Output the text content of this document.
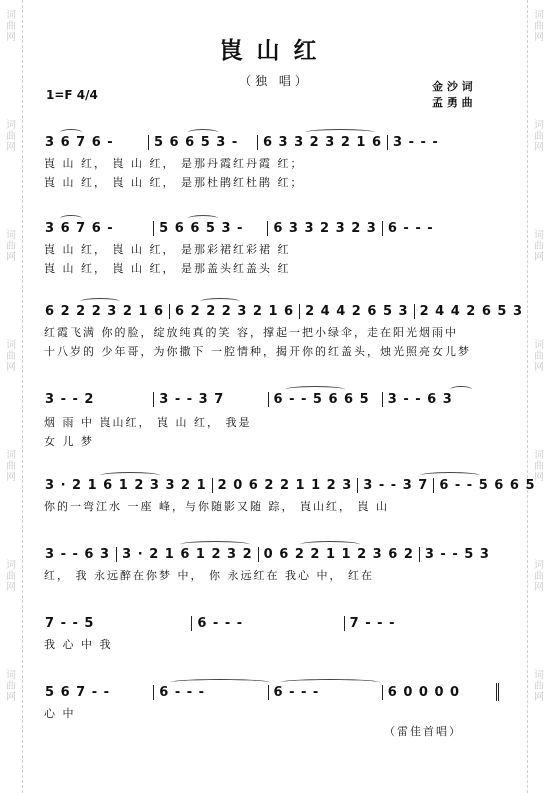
词曲网
词曲网
词曲网
词曲网
词曲网
词曲网
词曲网
词曲网
词曲网
词曲网
词曲网
词曲网
词曲网
词曲网
崀山红
（独 唱）	金 沙 词
孟 勇 曲
1=F 4/4
3 6 7 6 -	5 6 6 5 3 -	6 3 3 2 3 2 1 6 3 - - -
崀 山 红， 崀 山 红， 是那丹霞红丹霞 红；
崀 山 红， 崀 山 红， 是那杜鹃红杜鹃 红；
3 6 7 6 -	5 6 6 5 3 -	6 3 3 2 3 2 3 6 - - -
崀 山 红， 崀 山 红， 是那彩裙红彩裙 红
崀 山 红， 崀 山 红， 是那盖头红盖头 红
6 2 2 2 3 2 1 6 6 2 2 2 3 2 1 6 2 4 4 2 6 5 3 2 4 4 2 6 5 3
红霞飞满 你的脸，绽放纯真的笑 容，撑起一把小绿伞，走在阳光烟雨中
十八岁的 少年哥，为你撒下 一腔情种，揭开你的红盖头，烛光照亮女儿梦
3 - - 2	3 - - 3 7	6 - - 5 6 6 5	3 - - 6 3
烟 雨 中 崀山红， 崀 山 红， 我是
女 儿 梦
3 · 2 1 6 1 2 3 3 2 1 2 0 6 2 2 1 1 2 3 3 - - 3 7 6 - - 5 6 6 5
你的一弯江水 一座 峰，与你随影又随 踪， 崀山红， 崀 山
3 - - 6 3 3 · 2 1 6 1 2 3 2 0 6 2 2 1 1 2 3 6 2 3 - - 5 3
红， 我 永远醉在你梦 中， 你 永远红在 我心 中， 红在
7 - - 5	6 - - -	7 - - -
我 心 中 我
5 6 7 - -	6 - - -	6 - - -	6 0 0 0 0
心 中
（雷佳首唱）
